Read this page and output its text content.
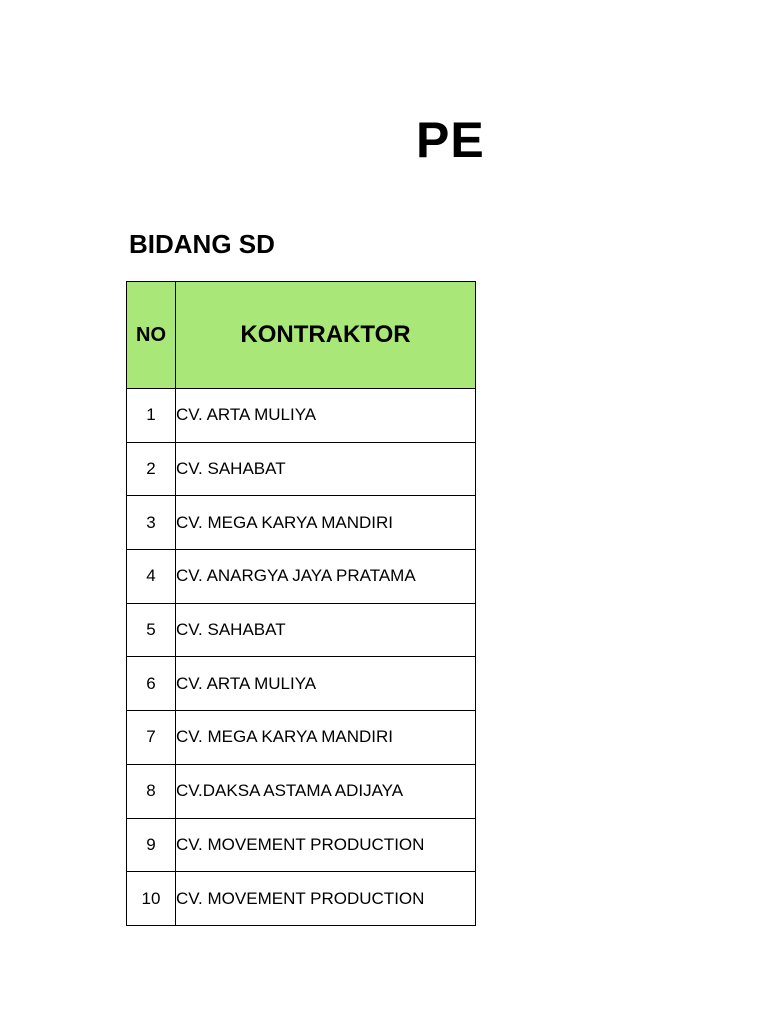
PE
BIDANG SD
NO	KONTRAKTOR
1	CV. ARTA MULIYA
2	CV. SAHABAT
3	CV. MEGA KARYA MANDIRI
4	CV. ANARGYA JAYA PRATAMA
5	CV. SAHABAT
6	CV. ARTA MULIYA
7	CV. MEGA KARYA MANDIRI
8	CV.DAKSA ASTAMA ADIJAYA
9	CV. MOVEMENT PRODUCTION
10	CV. MOVEMENT PRODUCTION
